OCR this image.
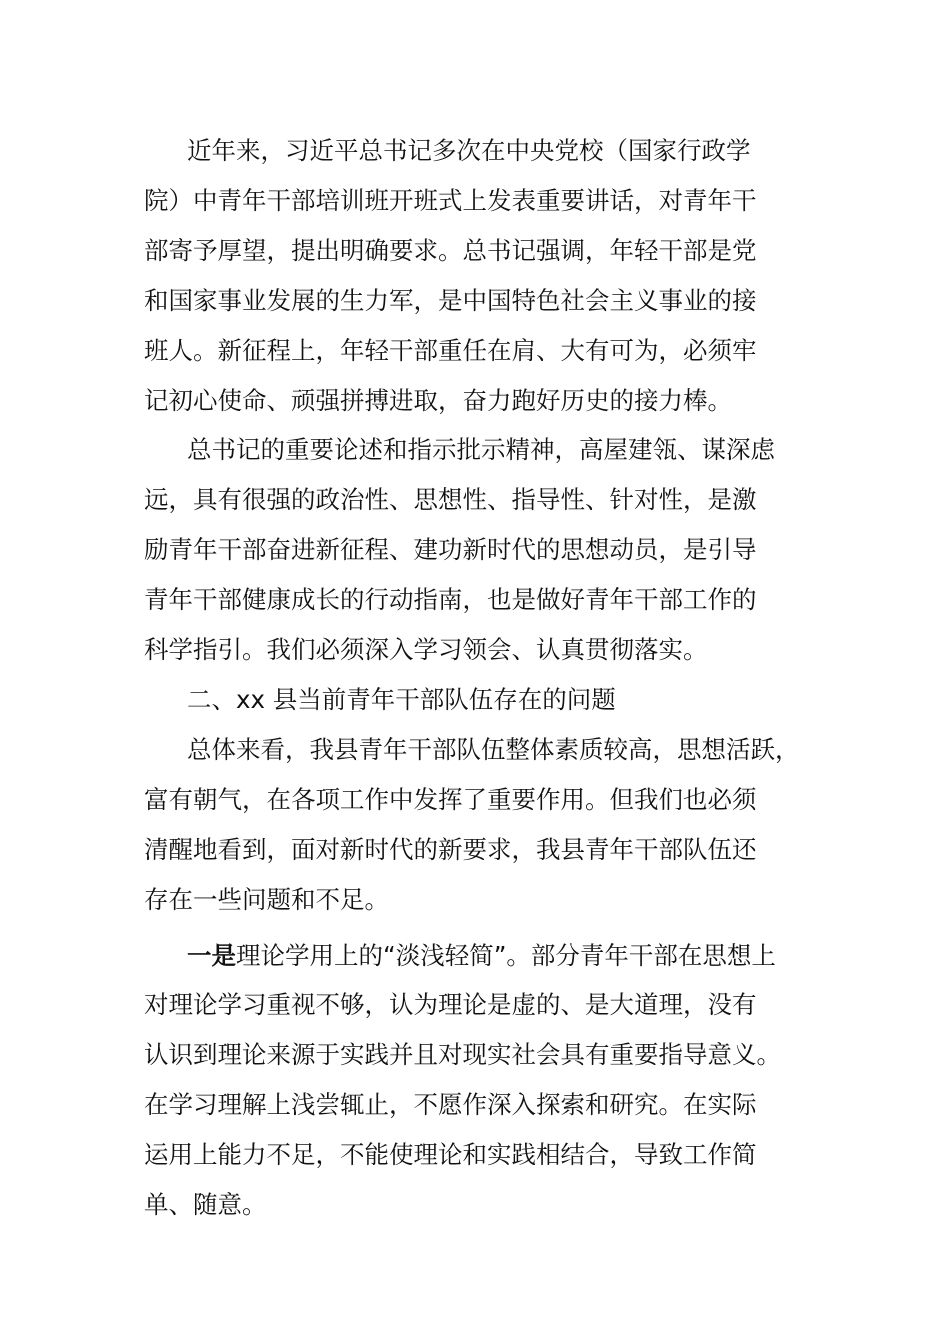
近年来，习近平总书记多次在中央党校（国家行政学
院）中青年干部培训班开班式上发表重要讲话，对青年干
部寄予厚望，提出明确要求。总书记强调，年轻干部是党
和国家事业发展的生力军，是中国特色社会主义事业的接
班人。新征程上，年轻干部重任在肩、大有可为，必须牢
记初心使命、顽强拼搏进取，奋力跑好历史的接力棒。

总书记的重要论述和指示批示精神，高屋建瓴、谋深虑
远，具有很强的政治性、思想性、指导性、针对性，是激
励青年干部奋进新征程、建功新时代的思想动员，是引导
青年干部健康成长的行动指南，也是做好青年干部工作的
科学指引。我们必须深入学习领会、认真贯彻落实。

二、xx 县当前青年干部队伍存在的问题

总体来看，我县青年干部队伍整体素质较高，思想活跃，
富有朝气，在各项工作中发挥了重要作用。但我们也必须
清醒地看到，面对新时代的新要求，我县青年干部队伍还
存在一些问题和不足。

一是理论学用上的“淡浅轻简”。部分青年干部在思想上
对理论学习重视不够，认为理论是虚的、是大道理，没有
认识到理论来源于实践并且对现实社会具有重要指导意义。
在学习理解上浅尝辄止，不愿作深入探索和研究。在实际
运用上能力不足，不能使理论和实践相结合，导致工作简
单、随意。
